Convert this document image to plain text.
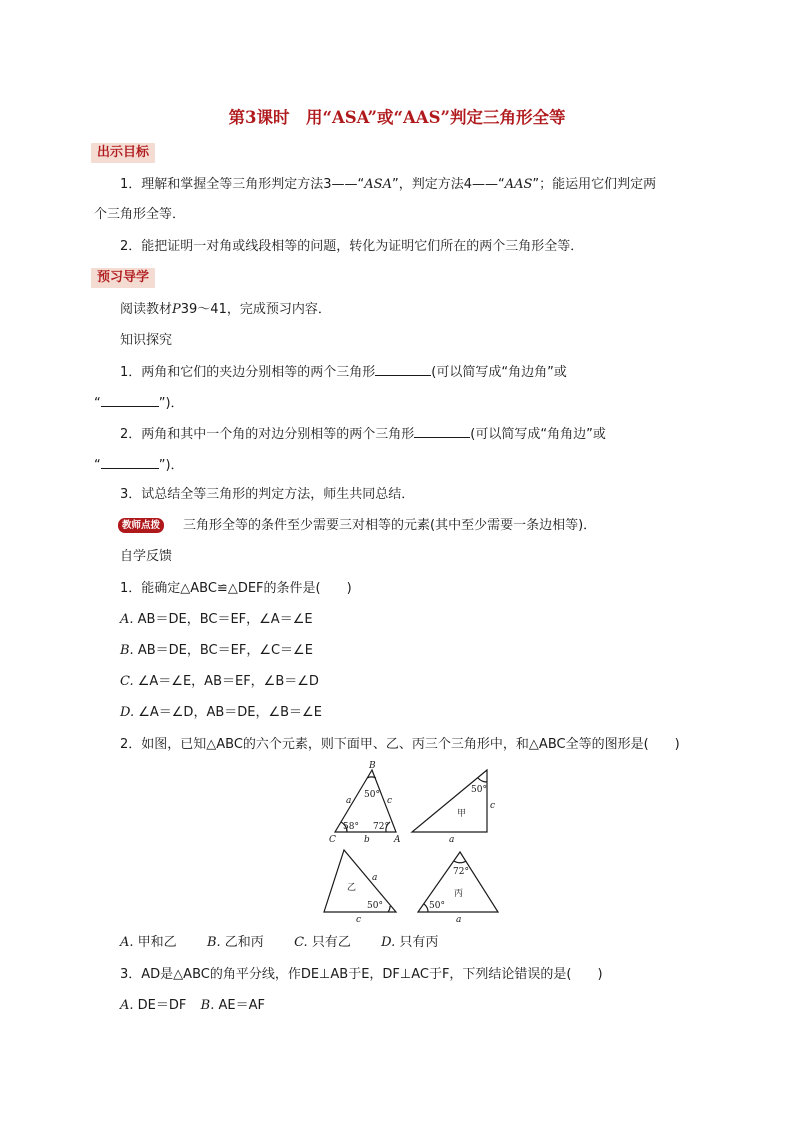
第3课时　用“ASA”或“AAS”判定三角形全等
出示目标
1．理解和掌握全等三角形判定方法3——“ASA”，判定方法4——“AAS”；能运用它们判定两
个三角形全等．
2．能把证明一对角或线段相等的问题，转化为证明它们所在的两个三角形全等．
预习导学
阅读教材P39～41，完成预习内容．
知识探究
1．两角和它们的夹边分别相等的两个三角形	(可以简写成“角边角”或
“	”)．
2．两角和其中一个角的对边分别相等的两个三角形	(可以简写成“角角边”或
“	”)．
3．试总结全等三角形的判定方法，师生共同总结．
教师点拨	三角形全等的条件至少需要三对相等的元素(其中至少需要一条边相等)．
自学反馈
1．能确定△ABC≌△DEF的条件是(　　)
A. AB＝DE，BC＝EF，∠A＝∠E
B. AB＝DE，BC＝EF，∠C＝∠E
C. ∠A＝∠E，AB＝EF，∠B＝∠D
D. ∠A＝∠D，AB＝DE，∠B＝∠E
2．如图，已知△ABC的六个元素，则下面甲、乙、丙三个三角形中，和△ABC全等的图形是(　　)
B
C	A
a
b
c
50°
58° 72°
50°
甲
c
a
乙
a
50°
c
72°
丙
50°
a
A. 甲和乙 B. 乙和丙 C. 只有乙 D. 只有丙
3．AD是△ABC的角平分线，作DE⊥AB于E，DF⊥AC于F，下列结论错误的是(　　)
A. DE＝DF B. AE＝AF
